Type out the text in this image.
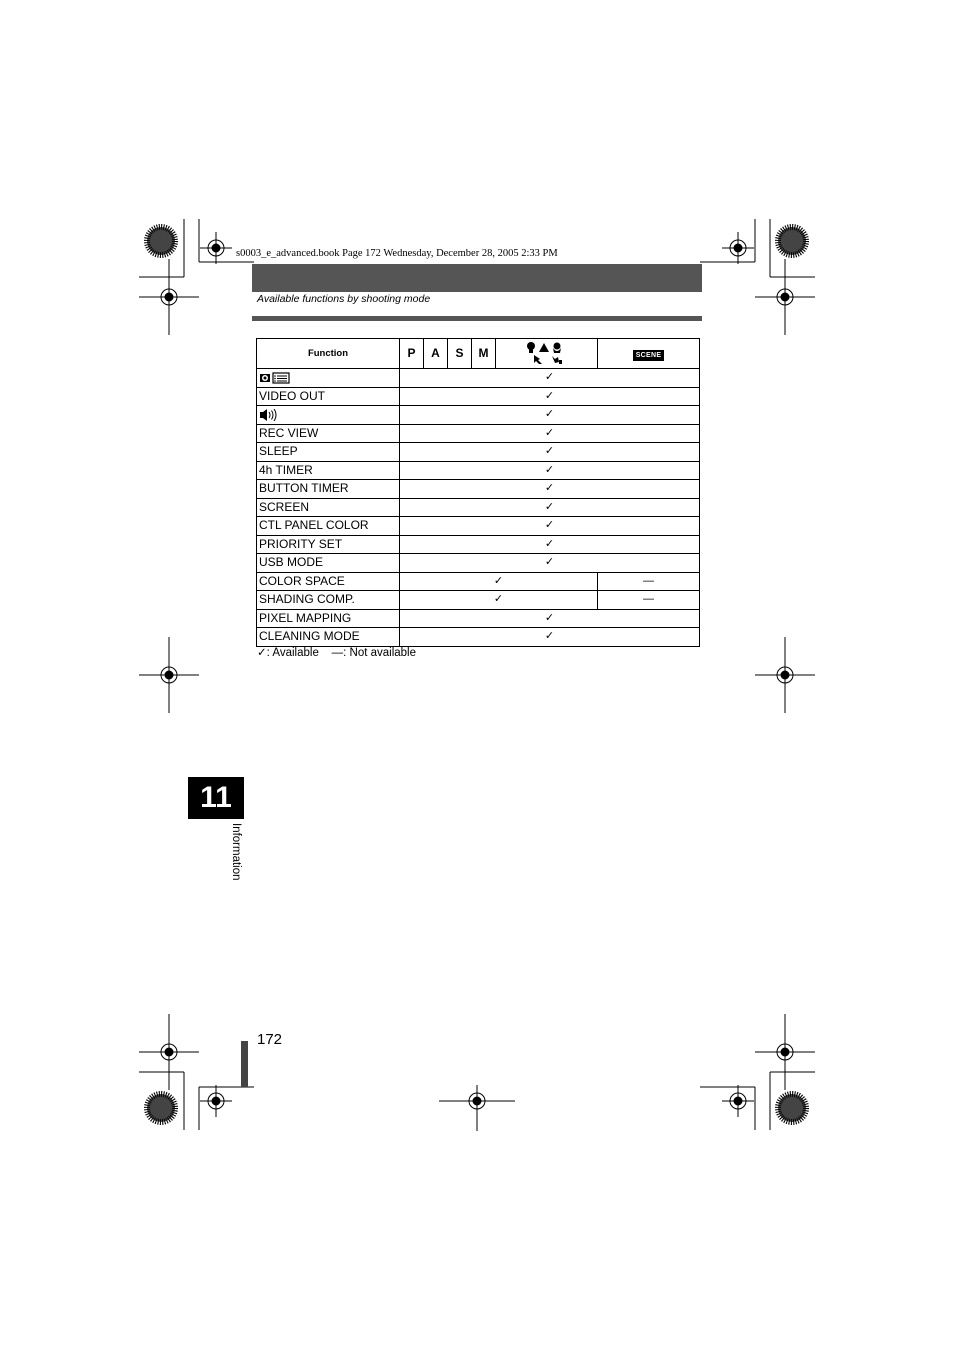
s0003_e_advanced.book Page 172 Wednesday, December 28, 2005 2:33 PM
Available functions by shooting mode
Function	P	A	S	M		SCENE
	✓					
VIDEO OUT	✓					
	✓					
REC VIEW	✓					
SLEEP	✓					
4h TIMER	✓					
BUTTON TIMER	✓					
SCREEN	✓					
CTL PANEL COLOR	✓					
PRIORITY SET	✓					
USB MODE	✓					
COLOR SPACE	✓					—
SHADING COMP.	✓					—
PIXEL MAPPING	✓					
CLEANING MODE	✓					
✓: Available    —: Not available
11
Information
172
